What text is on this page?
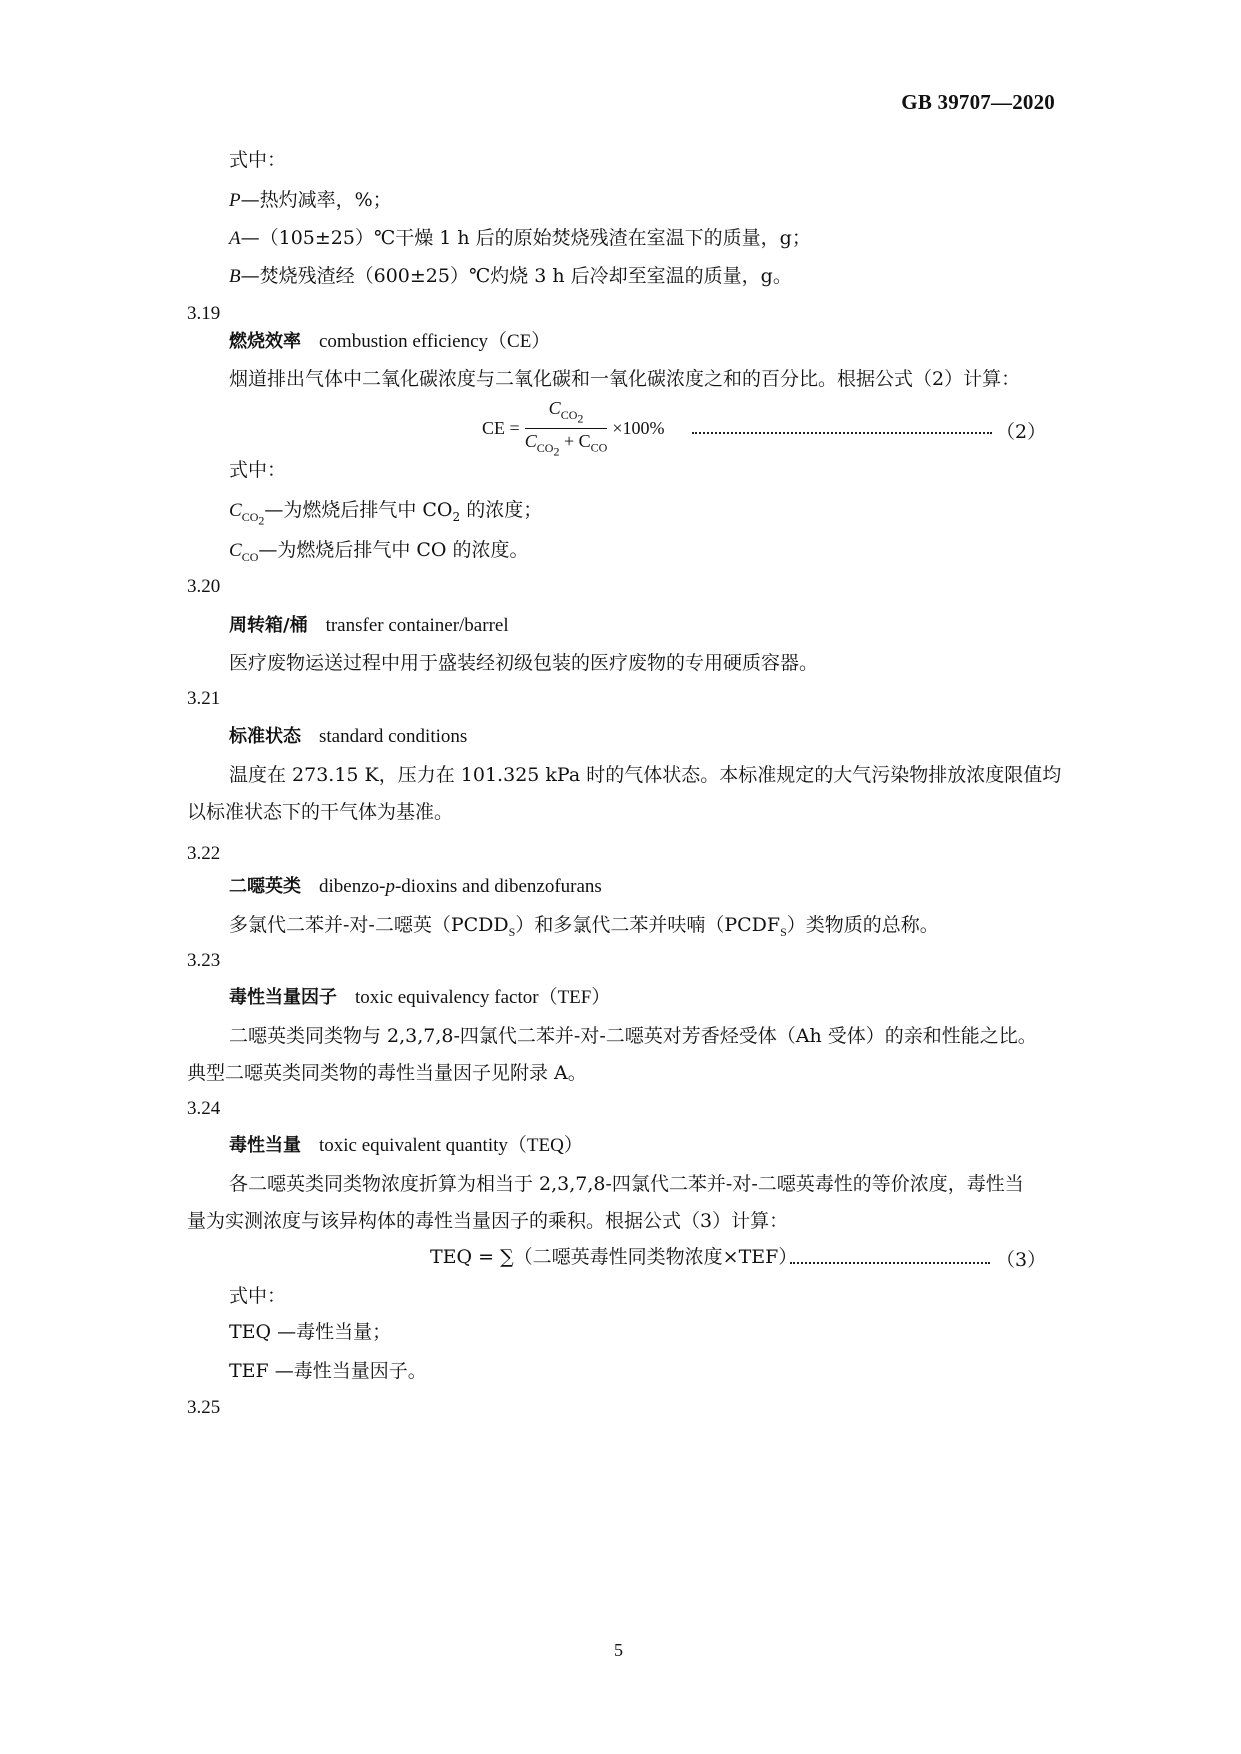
GB 39707—2020
式中：
P—热灼减率，%；
A—（105±25）℃干燥 1 h 后的原始焚烧残渣在室温下的质量，g；
B—焚烧残渣经（600±25）℃灼烧 3 h 后冷却至室温的质量，g。
3.19
燃烧效率 combustion efficiency（CE）
烟道排出气体中二氧化碳浓度与二氧化碳和一氧化碳浓度之和的百分比。根据公式（2）计算：
CE = $\frac{C_{CO_2}}{C_{CO_2} + C_{CO}} \times 100\%$	（2）
式中：
$C_{CO_2}—$为燃烧后排气中 $CO_2$ 的浓度；
$C_{CO}—$为燃烧后排气中 CO 的浓度。
3.20
周转箱/桶 transfer container/barrel
医疗废物运送过程中用于盛装经初级包装的医疗废物的专用硬质容器。
3.21
标准状态 standard conditions
温度在 273.15 K，压力在 101.325 kPa 时的气体状态。本标准规定的大气污染物排放浓度限值均
以标准状态下的干气体为基准。
3.22
二噁英类 dibenzo-p-dioxins and dibenzofurans
多氯代二苯并-对-二噁英$(PCDD_S)$和多氯代二苯并呋喃$(PCDF_S)$类物质的总称。
3.23
毒性当量因子 toxic equivalency factor（TEF）
二噁英类同类物与 2,3,7,8-四氯代二苯并-对-二噁英对芳香烃受体（Ah 受体）的亲和性能之比。
典型二噁英类同类物的毒性当量因子见附录 A。
3.24
毒性当量 toxic equivalent quantity（TEQ）
各二噁英类同类物浓度折算为相当于 2,3,7,8-四氯代二苯并-对-二噁英毒性的等价浓度，毒性当
量为实测浓度与该异构体的毒性当量因子的乘积。根据公式（3）计算：
TEQ = ∑（二噁英毒性同类物浓度×TEF）	（3）
式中：
TEQ —毒性当量；
TEF —毒性当量因子。
3.25
5
